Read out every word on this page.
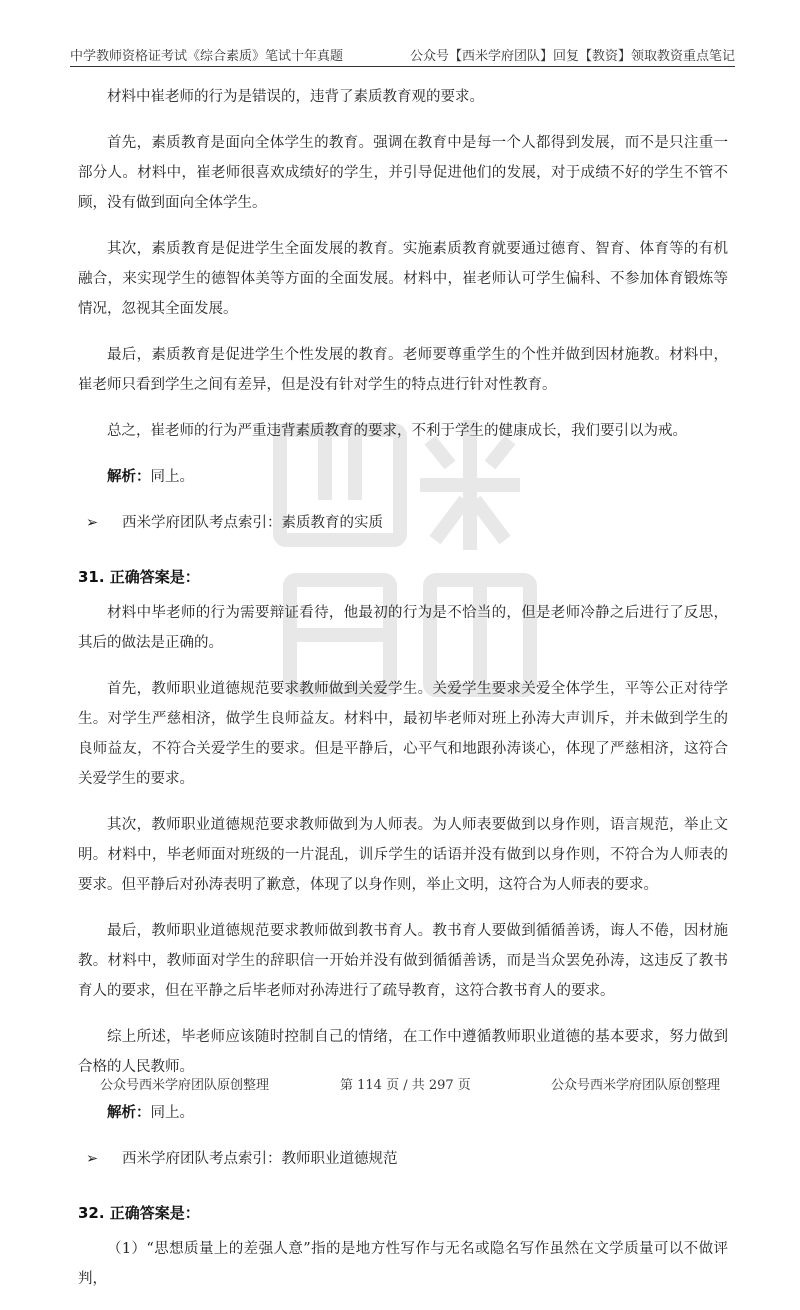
中学教师资格证考试《综合素质》笔试十年真题	公众号【西米学府团队】回复【教资】领取教资重点笔记

材料中崔老师的行为是错误的，违背了素质教育观的要求。

首先，素质教育是面向全体学生的教育。强调在教育中是每一个人都得到发展，而不是只注重一部分人。材料中，崔老师很喜欢成绩好的学生，并引导促进他们的发展，对于成绩不好的学生不管不顾，没有做到面向全体学生。

其次，素质教育是促进学生全面发展的教育。实施素质教育就要通过德育、智育、体育等的有机融合，来实现学生的德智体美等方面的全面发展。材料中，崔老师认可学生偏科、不参加体育锻炼等情况，忽视其全面发展。

最后，素质教育是促进学生个性发展的教育。老师要尊重学生的个性并做到因材施教。材料中，崔老师只看到学生之间有差异，但是没有针对学生的特点进行针对性教育。

总之，崔老师的行为严重违背素质教育的要求，不利于学生的健康成长，我们要引以为戒。

解析：同上。

➢ 西米学府团队考点索引：素质教育的实质
31. 正确答案是：

材料中毕老师的行为需要辩证看待，他最初的行为是不恰当的，但是老师冷静之后进行了反思，其后的做法是正确的。

首先，教师职业道德规范要求教师做到关爱学生。关爱学生要求关爱全体学生，平等公正对待学生。对学生严慈相济，做学生良师益友。材料中，最初毕老师对班上孙涛大声训斥，并未做到学生的良师益友，不符合关爱学生的要求。但是平静后，心平气和地跟孙涛谈心，体现了严慈相济，这符合关爱学生的要求。

其次，教师职业道德规范要求教师做到为人师表。为人师表要做到以身作则，语言规范，举止文明。材料中，毕老师面对班级的一片混乱，训斥学生的话语并没有做到以身作则，不符合为人师表的要求。但平静后对孙涛表明了歉意，体现了以身作则，举止文明，这符合为人师表的要求。

最后，教师职业道德规范要求教师做到教书育人。教书育人要做到循循善诱，诲人不倦，因材施教。材料中，教师面对学生的辞职信一开始并没有做到循循善诱，而是当众罢免孙涛，这违反了教书育人的要求，但在平静之后毕老师对孙涛进行了疏导教育，这符合教书育人的要求。

综上所述，毕老师应该随时控制自己的情绪，在工作中遵循教师职业道德的基本要求，努力做到合格的人民教师。

解析：同上。

➢ 西米学府团队考点索引：教师职业道德规范
32. 正确答案是：

（1）“思想质量上的差强人意”指的是地方性写作与无名或隐名写作虽然在文学质量可以不做评判，

公众号西米学府团队原创整理	第 114 页 / 共 297 页	公众号西米学府团队原创整理
